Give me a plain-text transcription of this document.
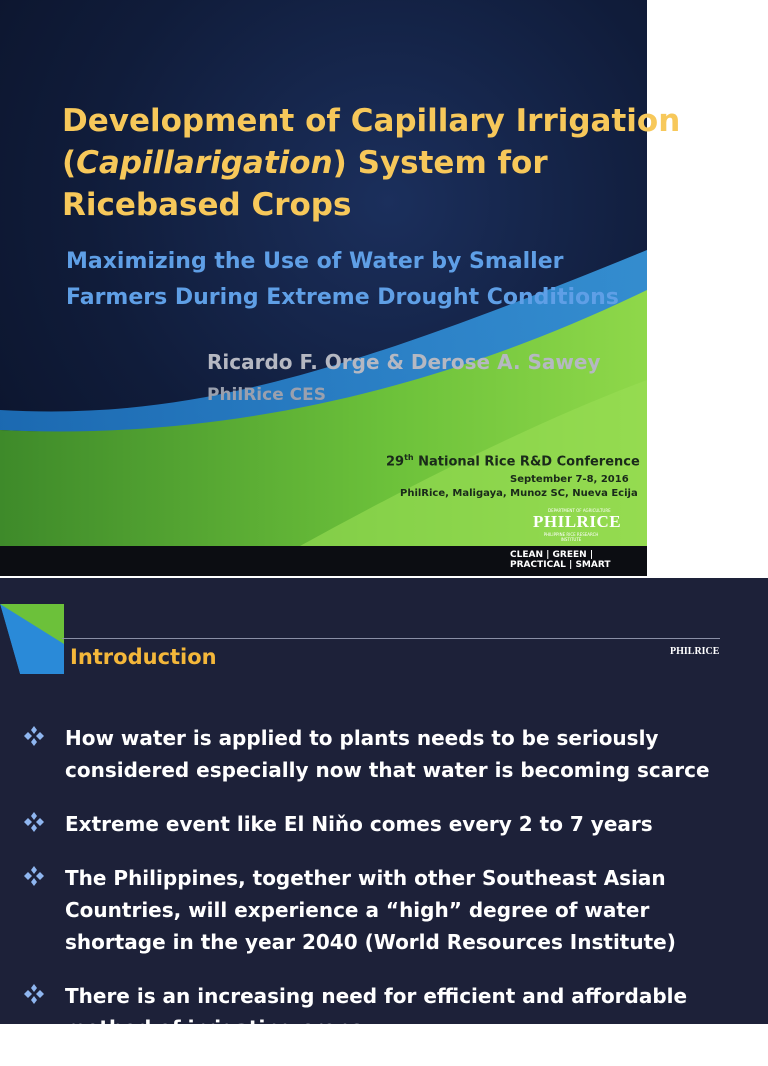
Development of Capillary Irrigation
(Capillarigation) System for
Ricebased Crops

Maximizing the Use of Water by Smaller
Farmers During Extreme Drought Conditions

Ricardo F. Orge & Derose A. Sawey
PhilRice CES
29th National Rice R&D Conference
September 7-8, 2016
PhilRice, Maligaya, Munoz SC, Nueva Ecija
DEPARTMENT OF AGRICULTURE
PHILRICE
PHILIPPINE RICE RESEARCH INSTITUTE
CLEAN | GREEN | PRACTICAL | SMART
Introduction	PHILRICE
How water is applied to plants needs to be seriously considered especially now that water is becoming scarce
Extreme event like El Niňo comes every 2 to 7 years
The Philippines, together with other Southeast Asian Countries, will experience a “high” degree of water shortage in the year 2040 (World Resources Institute)
There is an increasing need for efficient and affordable method of irrigating crops
